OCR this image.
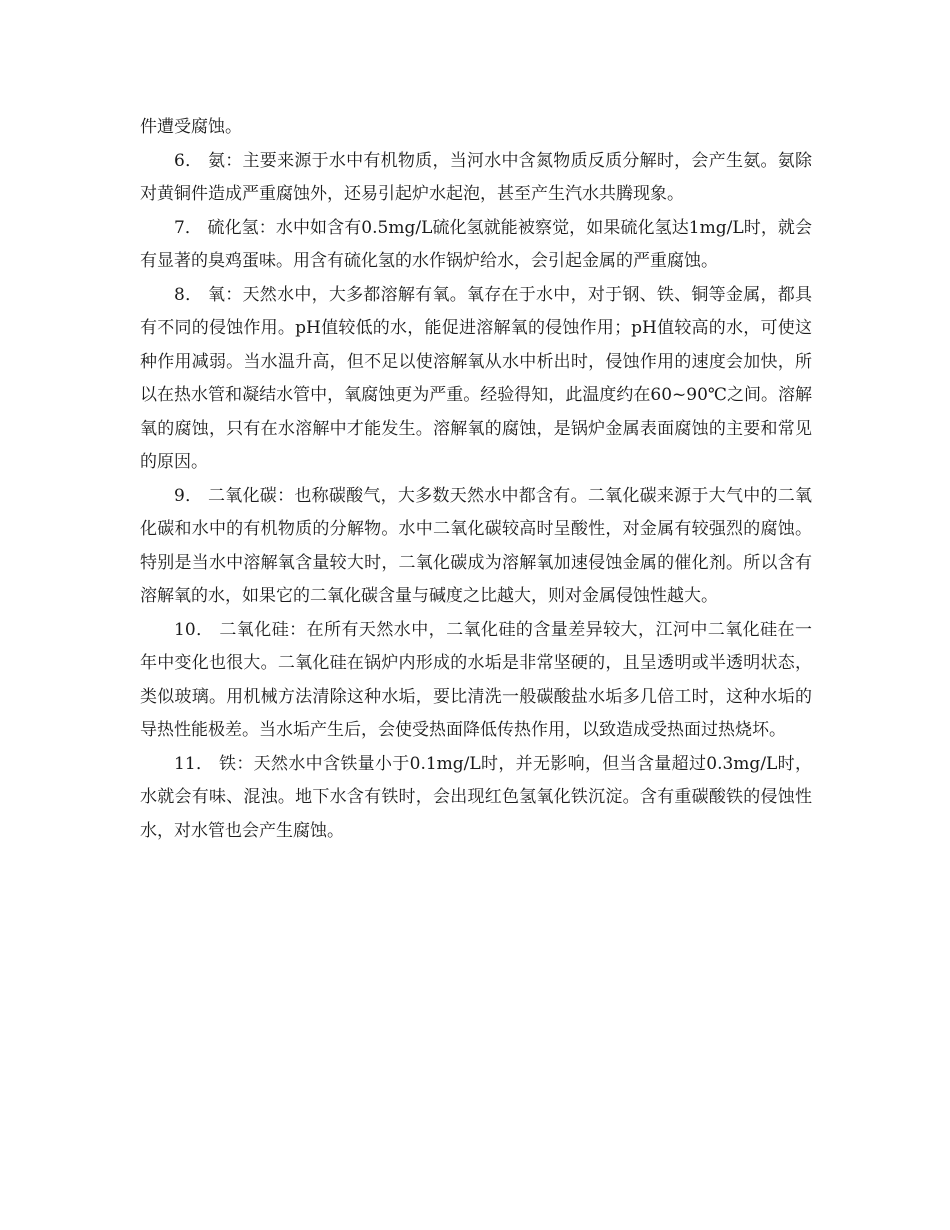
件遭受腐蚀。

6． 氨：主要来源于水中有机物质，当河水中含氮物质反质分解时，会产生氨。氨除对黄铜件造成严重腐蚀外，还易引起炉水起泡，甚至产生汽水共腾现象。

7． 硫化氢：水中如含有0.5mg/L硫化氢就能被察觉，如果硫化氢达1mg/L时，就会有显著的臭鸡蛋味。用含有硫化氢的水作锅炉给水，会引起金属的严重腐蚀。

8． 氧：天然水中，大多都溶解有氧。氧存在于水中，对于钢、铁、铜等金属，都具有不同的侵蚀作用。pH值较低的水，能促进溶解氧的侵蚀作用；pH值较高的水，可使这种作用减弱。当水温升高，但不足以使溶解氧从水中析出时，侵蚀作用的速度会加快，所以在热水管和凝结水管中，氧腐蚀更为严重。经验得知，此温度约在60~90℃之间。溶解氧的腐蚀，只有在水溶解中才能发生。溶解氧的腐蚀，是锅炉金属表面腐蚀的主要和常见的原因。

9． 二氧化碳：也称碳酸气，大多数天然水中都含有。二氧化碳来源于大气中的二氧化碳和水中的有机物质的分解物。水中二氧化碳较高时呈酸性，对金属有较强烈的腐蚀。特别是当水中溶解氧含量较大时，二氧化碳成为溶解氧加速侵蚀金属的催化剂。所以含有溶解氧的水，如果它的二氧化碳含量与碱度之比越大，则对金属侵蚀性越大。

10． 二氧化硅：在所有天然水中，二氧化硅的含量差异较大，江河中二氧化硅在一年中变化也很大。二氧化硅在锅炉内形成的水垢是非常坚硬的，且呈透明或半透明状态，类似玻璃。用机械方法清除这种水垢，要比清洗一般碳酸盐水垢多几倍工时，这种水垢的导热性能极差。当水垢产生后，会使受热面降低传热作用，以致造成受热面过热烧坏。

11． 铁：天然水中含铁量小于0.1mg/L时，并无影响，但当含量超过0.3mg/L时，水就会有味、混浊。地下水含有铁时，会出现红色氢氧化铁沉淀。含有重碳酸铁的侵蚀性水，对水管也会产生腐蚀。
